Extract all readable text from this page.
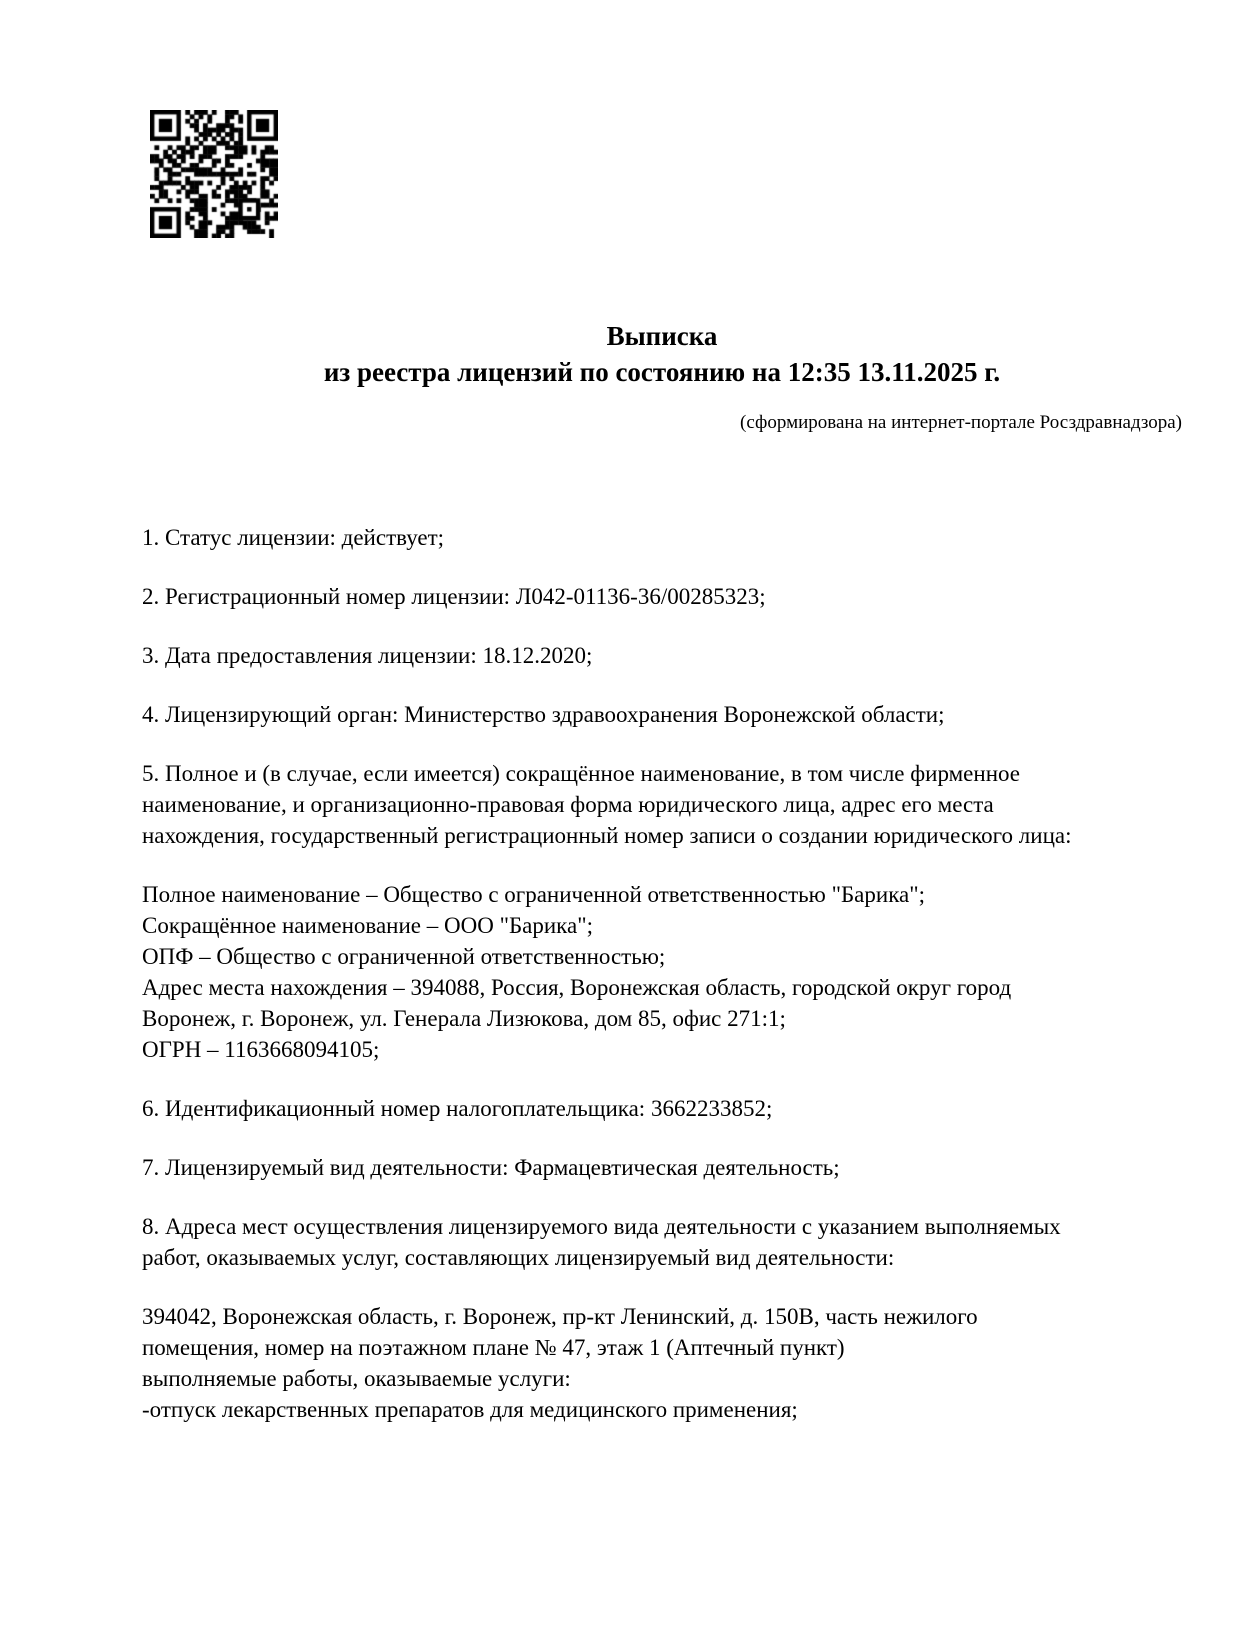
Выписка
из реестра лицензий по состоянию на 12:35 13.11.2025 г.
(сформирована на интернет-портале Росздравнадзора)
1. Статус лицензии: действует;
2. Регистрационный номер лицензии: Л042-01136-36/00285323;
3. Дата предоставления лицензии: 18.12.2020;
4. Лицензирующий орган: Министерство здравоохранения Воронежской области;
5. Полное и (в случае, если имеется) сокращённое наименование, в том числе фирменное
наименование, и организационно-правовая форма юридического лица, адрес его места
нахождения, государственный регистрационный номер записи о создании юридического лица:
Полное наименование – Общество с ограниченной ответственностью "Барика";
Сокращённое наименование – ООО "Барика";
ОПФ – Общество с ограниченной ответственностью;
Адрес места нахождения – 394088, Россия, Воронежская область, городской округ город
Воронеж, г. Воронеж, ул. Генерала Лизюкова, дом 85, офис 271:1;
ОГРН – 1163668094105;
6. Идентификационный номер налогоплательщика: 3662233852;
7. Лицензируемый вид деятельности: Фармацевтическая деятельность;
8. Адреса мест осуществления лицензируемого вида деятельности с указанием выполняемых
работ, оказываемых услуг, составляющих лицензируемый вид деятельности:
394042, Воронежская область, г. Воронеж, пр-кт Ленинский, д. 150В, часть нежилого
помещения, номер на поэтажном плане № 47, этаж 1 (Аптечный пункт)
выполняемые работы, оказываемые услуги:
-отпуск лекарственных препаратов для медицинского применения;
